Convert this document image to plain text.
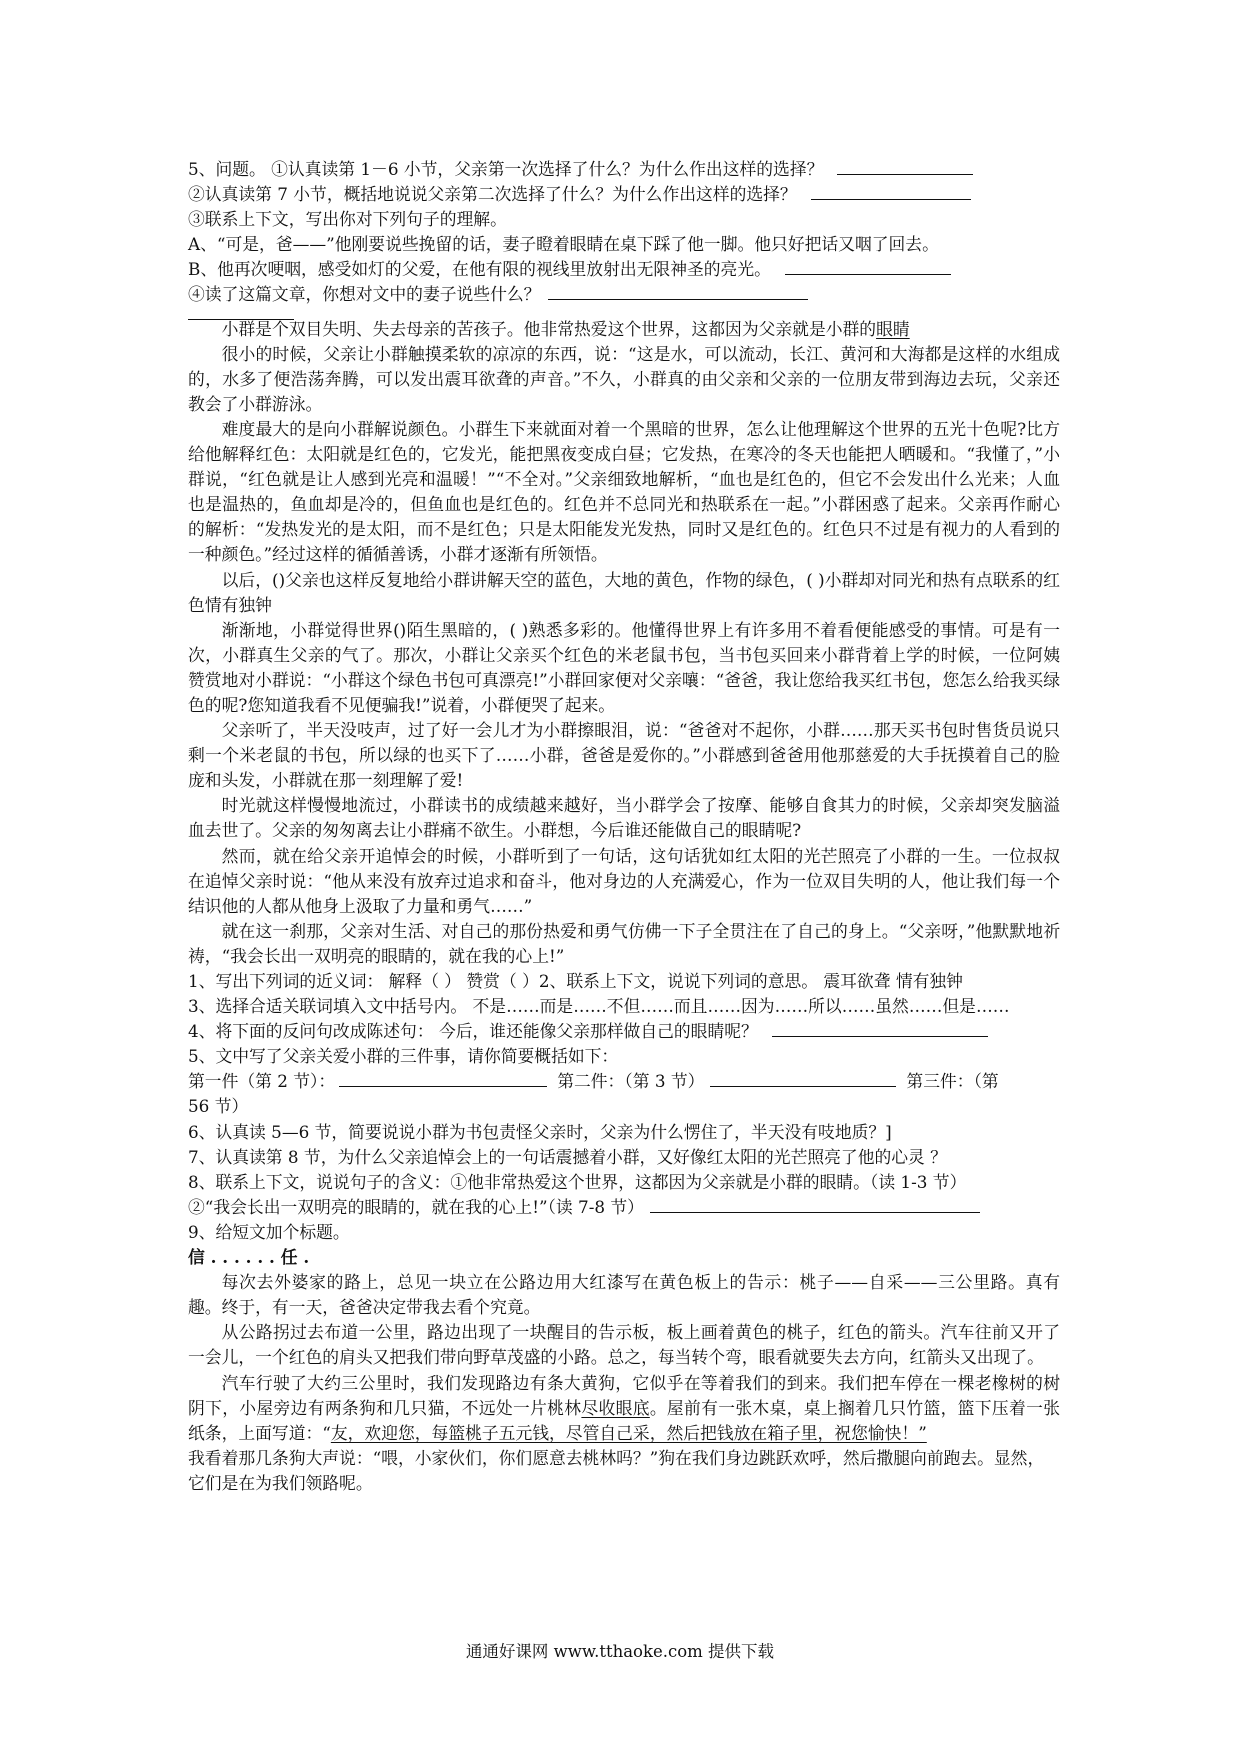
5、问题。 ①认真读第 1－6 小节，父亲第一次选择了什么？为什么作出这样的选择？
②认真读第 7 小节，概括地说说父亲第二次选择了什么？为什么作出这样的选择？
③联系上下文，写出你对下列句子的理解。
A、“可是，爸——”他刚要说些挽留的话，妻子瞪着眼睛在桌下踩了他一脚。他只好把话又咽了回去。
B、他再次哽咽，感受如灯的父爱，在他有限的视线里放射出无限神圣的亮光。
④读了这篇文章，你想对文中的妻子说些什么？
小群是个双目失明、失去母亲的苦孩子。他非常热爱这个世界，这都因为父亲就是小群的眼睛
很小的时候，父亲让小群触摸柔软的凉凉的东西，说：“这是水，可以流动，长江、黄河和大海都是这样的水组成的，水多了便浩荡奔腾，可以发出震耳欲聋的声音。”不久，小群真的由父亲和父亲的一位朋友带到海边去玩，父亲还教会了小群游泳。
难度最大的是向小群解说颜色。小群生下来就面对着一个黑暗的世界，怎么让他理解这个世界的五光十色呢?比方给他解释红色：太阳就是红色的，它发光，能把黑夜变成白昼；它发热，在寒冷的冬天也能把人晒暖和。“我懂了，”小群说，“红色就是让人感到光亮和温暖！”“不全对。”父亲细致地解析，“血也是红色的，但它不会发出什么光来；人血也是温热的，鱼血却是冷的，但鱼血也是红色的。红色并不总同光和热联系在一起。”小群困惑了起来。父亲再作耐心的解析：“发热发光的是太阳，而不是红色；只是太阳能发光发热，同时又是红色的。红色只不过是有视力的人看到的一种颜色。”经过这样的循循善诱，小群才逐渐有所领悟。
以后，()父亲也这样反复地给小群讲解天空的蓝色，大地的黄色，作物的绿色，( )小群却对同光和热有点联系的红色情有独钟
渐渐地，小群觉得世界()陌生黑暗的，( )熟悉多彩的。他懂得世界上有许多用不着看便能感受的事情。可是有一次，小群真生父亲的气了。那次，小群让父亲买个红色的米老鼠书包，当书包买回来小群背着上学的时候，一位阿姨赞赏地对小群说：“小群这个绿色书包可真漂亮!”小群回家便对父亲嚷：“爸爸，我让您给我买红书包，您怎么给我买绿色的呢?您知道我看不见便骗我!”说着，小群便哭了起来。
父亲听了，半天没吱声，过了好一会儿才为小群擦眼泪，说：“爸爸对不起你，小群……那天买书包时售货员说只剩一个米老鼠的书包，所以绿的也买下了……小群，爸爸是爱你的。”小群感到爸爸用他那慈爱的大手抚摸着自己的脸庞和头发，小群就在那一刻理解了爱!
时光就这样慢慢地流过，小群读书的成绩越来越好，当小群学会了按摩、能够自食其力的时候，父亲却突发脑溢血去世了。父亲的匆匆离去让小群痛不欲生。小群想，今后谁还能做自己的眼睛呢?
然而，就在给父亲开追悼会的时候，小群听到了一句话，这句话犹如红太阳的光芒照亮了小群的一生。一位叔叔在追悼父亲时说：“他从来没有放弃过追求和奋斗，他对身边的人充满爱心，作为一位双目失明的人，他让我们每一个结识他的人都从他身上汲取了力量和勇气……”
就在这一刹那，父亲对生活、对自己的那份热爱和勇气仿佛一下子全贯注在了自己的身上。“父亲呀，”他默默地祈祷，“我会长出一双明亮的眼睛的，就在我的心上!”
1、写出下列词的近义词： 解释（ ） 赞赏（ ）2、联系上下文，说说下列词的意思。 震耳欲聋 情有独钟
3、选择合适关联词填入文中括号内。 不是……而是……不但……而且……因为……所以……虽然……但是……
4、将下面的反问句改成陈述句： 今后，谁还能像父亲那样做自己的眼睛呢？
5、文中写了父亲关爱小群的三件事，请你简要概括如下：
第一件（第 2 节）：	第二件：（第 3 节）	第三件：（第
56 节）
6、认真读 5—6 节，简要说说小群为书包责怪父亲时，父亲为什么愣住了，半天没有吱地质？]
7、认真读第 8 节，为什么父亲追悼会上的一句话震撼着小群，又好像红太阳的光芒照亮了他的心灵 ？
8、联系上下文，说说句子的含义：①他非常热爱这个世界，这都因为父亲就是小群的眼睛。（读 1-3 节）
②“我会长出一双明亮的眼睛的，就在我的心上!”（读 7-8 节）
9、给短文加个标题。
信 . . . . . . 任 .
每次去外婆家的路上，总见一块立在公路边用大红漆写在黄色板上的告示：桃子——自采——三公里路。真有趣。终于，有一天，爸爸决定带我去看个究竟。
从公路拐过去布道一公里，路边出现了一块醒目的告示板，板上画着黄色的桃子，红色的箭头。汽车往前又开了一会儿，一个红色的肩头又把我们带向野草茂盛的小路。总之，每当转个弯，眼看就要失去方向，红箭头又出现了。
汽车行驶了大约三公里时，我们发现路边有条大黄狗，它似乎在等着我们的到来。我们把车停在一棵老橡树的树阴下，小屋旁边有两条狗和几只猫，不远处一片桃林尽收眼底。屋前有一张木桌，桌上搁着几只竹篮，篮下压着一张纸条，上面写道：“友，欢迎您，每篮桃子五元钱，尽管自己采，然后把钱放在箱子里，祝您愉快！”
我看着那几条狗大声说：“喂，小家伙们，你们愿意去桃林吗？”狗在我们身边跳跃欢呼，然后撒腿向前跑去。显然，它们是在为我们领路呢。
通通好课网 www.tthaoke.com 提供下载
